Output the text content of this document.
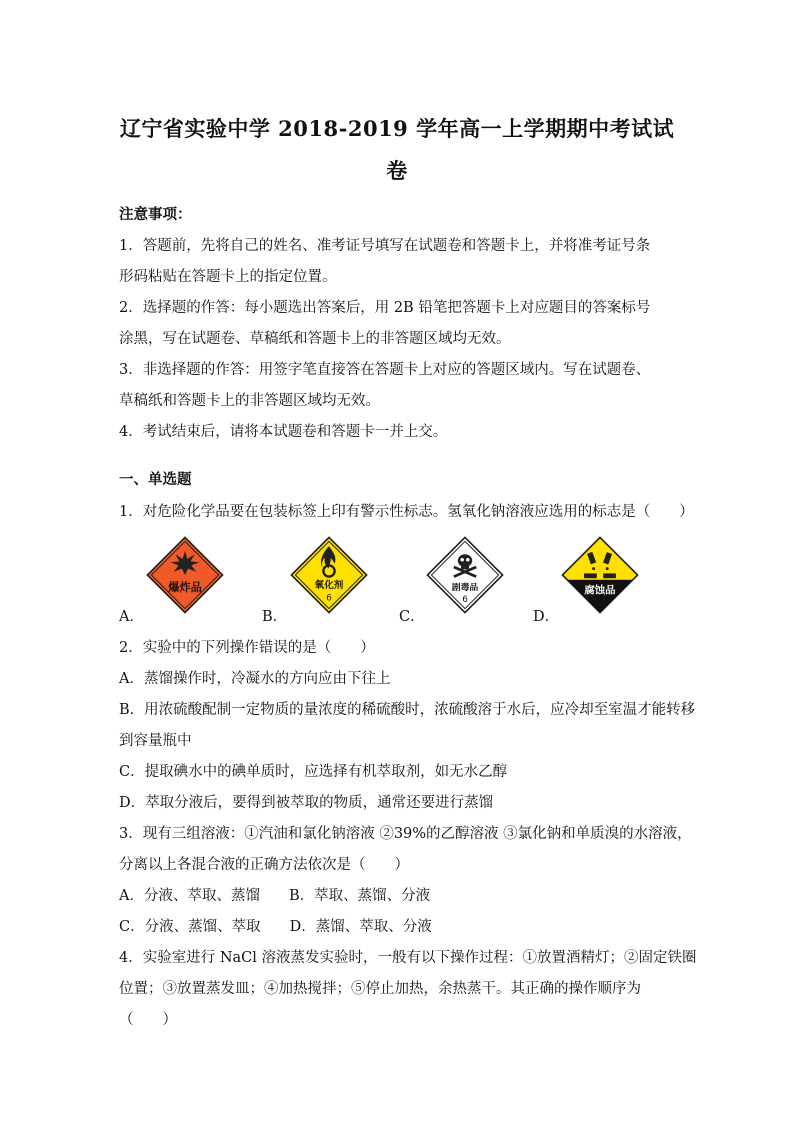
辽宁省实验中学 2018-2019 学年高一上学期期中考试试
卷
注意事项：
1．答题前，先将自己的姓名、准考证号填写在试题卷和答题卡上，并将准考证号条
形码粘贴在答题卡上的指定位置。
2．选择题的作答：每小题选出答案后，用 2B 铅笔把答题卡上对应题目的答案标号
涂黑，写在试题卷、草稿纸和答题卡上的非答题区域均无效。
3．非选择题的作答：用签字笔直接答在答题卡上对应的答题区域内。写在试题卷、
草稿纸和答题卡上的非答题区域均无效。
4．考试结束后，请将本试题卷和答题卡一并上交。
一、单选题
1．对危险化学品要在包装标签上印有警示性标志。氢氧化钠溶液应选用的标志是（　　）
爆炸品	氧化剂
6
剧毒品
6
腐蚀品
A．	B．	C．	D．
2．实验中的下列操作错误的是（　　）
A．蒸馏操作时，冷凝水的方向应由下往上
B．用浓硫酸配制一定物质的量浓度的稀硫酸时，浓硫酸溶于水后，应冷却至室温才能转移
到容量瓶中
C．提取碘水中的碘单质时，应选择有机萃取剂，如无水乙醇
D．萃取分液后，要得到被萃取的物质，通常还要进行蒸馏
3．现有三组溶液：①汽油和氯化钠溶液 ②39%的乙醇溶液 ③氯化钠和单质溴的水溶液，
分离以上各混合液的正确方法依次是（　　）
A．分液、萃取、蒸馏　　B．萃取、蒸馏、分液
C．分液、蒸馏、萃取　　D．蒸馏、萃取、分液
4．实验室进行 NaCl 溶液蒸发实验时，一般有以下操作过程：①放置酒精灯；②固定铁圈
位置；③放置蒸发皿；④加热搅拌；⑤停止加热，余热蒸干。其正确的操作顺序为
（　　）
